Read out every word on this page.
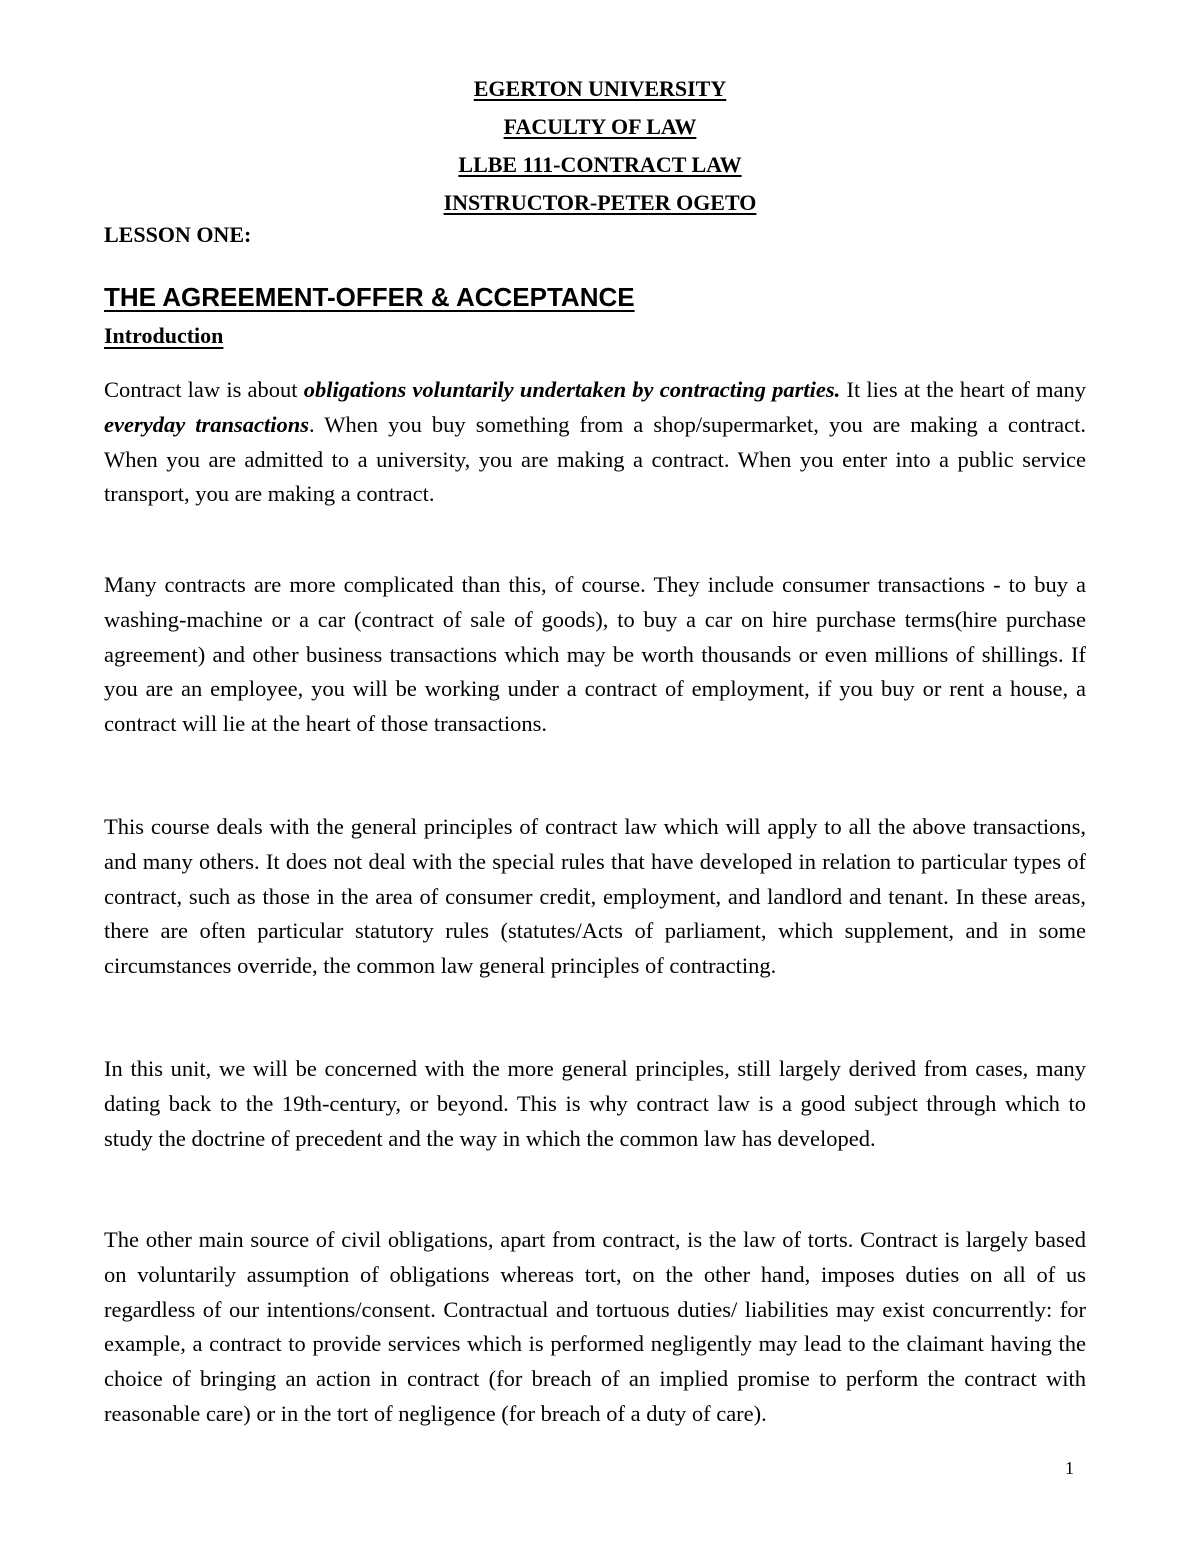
EGERTON UNIVERSITY
FACULTY OF LAW
LLBE 111-CONTRACT LAW
INSTRUCTOR-PETER OGETO
LESSON ONE:
THE AGREEMENT-OFFER & ACCEPTANCE
Introduction

Contract law is about obligations voluntarily undertaken by contracting parties. It lies at the heart of many everyday transactions. When you buy something from a shop/supermarket, you are making a contract. When you are admitted to a university, you are making a contract. When you enter into a public service transport, you are making a contract.

Many contracts are more complicated than this, of course. They include consumer transactions - to buy a washing-machine or a car (contract of sale of goods), to buy a car on hire purchase terms(hire purchase agreement) and other business transactions which may be worth thousands or even millions of shillings. If you are an employee, you will be working under a contract of employment, if you buy or rent a house, a contract will lie at the heart of those transactions.

This course deals with the general principles of contract law which will apply to all the above transactions, and many others. It does not deal with the special rules that have developed in relation to particular types of contract, such as those in the area of consumer credit, employment, and landlord and tenant. In these areas, there are often particular statutory rules (statutes/Acts of parliament, which supplement, and in some circumstances override, the common law general principles of contracting.

In this unit, we will be concerned with the more general principles, still largely derived from cases, many dating back to the 19th-century, or beyond. This is why contract law is a good subject through which to study the doctrine of precedent and the way in which the common law has developed.

The other main source of civil obligations, apart from contract, is the law of torts. Contract is largely based on voluntarily assumption of obligations whereas tort, on the other hand, imposes duties on all of us regardless of our intentions/consent. Contractual and tortuous duties/ liabilities may exist concurrently: for example, a contract to provide services which is performed negligently may lead to the claimant having the choice of bringing an action in contract (for breach of an implied promise to perform the contract with reasonable care) or in the tort of negligence (for breach of a duty of care).

1
